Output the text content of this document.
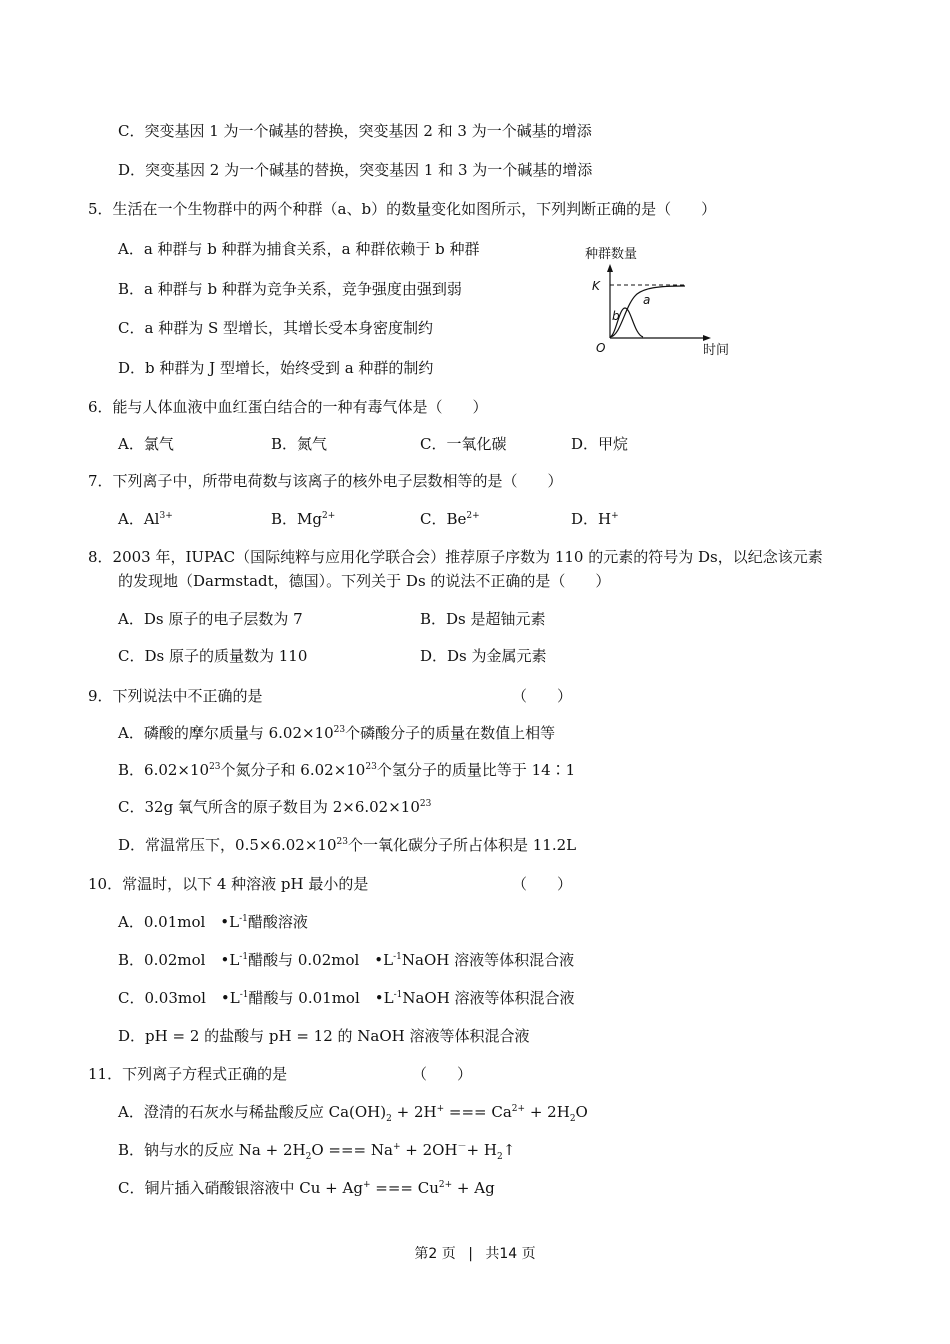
C．突变基因 1 为一个碱基的替换，突变基因 2 和 3 为一个碱基的增添
D．突变基因 2 为一个碱基的替换，突变基因 1 和 3 为一个碱基的增添
5．生活在一个生物群中的两个种群（a、b）的数量变化如图所示，下列判断正确的是（　　）
A．a 种群与 b 种群为捕食关系，a 种群依赖于 b 种群
B．a 种群与 b 种群为竞争关系，竞争强度由强到弱
C．a 种群为 S 型增长，其增长受本身密度制约
D．b 种群为 J 型增长，始终受到 a 种群的制约
种群数量
K
O	时间
a
b
6．能与人体血液中血红蛋白结合的一种有毒气体是（　　）
A．氯气	B．氮气	C．一氧化碳	D．甲烷
7．下列离子中，所带电荷数与该离子的核外电子层数相等的是（　　）
A．$Al^{3+}$	B．$Mg^{2+}$	C．$Be^{2+}$	D．H+
8．2003 年，IUPAC（国际纯粹与应用化学联合会）推荐原子序数为 110 的元素的符号为 Ds，以纪念该元素
的发现地（Darmstadt，德国）。下列关于 Ds 的说法不正确的是（　　）
A．Ds 原子的电子层数为 7	B．Ds 是超铀元素
C．Ds 原子的质量数为 110	D．Ds 为金属元素
9．下列说法中不正确的是	（　　）
A．磷酸的摩尔质量与 $6.02\times 10^{23}$个磷酸分子的质量在数值上相等
B．$6.02\times 10^{23}$个氮分子和 $6.02\times 10^{23}$个氢分子的质量比等于 14∶1
C．32g 氧气所含的原子数目为 $2\times 6.02\times 10^{23}$
D．常温常压下，$0.5\times 6.02\times 10^{23}$个一氧化碳分子所占体积是 11.2L
10．常温时，以下 4 种溶液 pH 最小的是	（　　）
A．0.01mol　$•L^{-1}$醋酸溶液
B．0.02mol　$•L^{-1}$醋酸与 0.02mol　$•L^{-1}NaOH$ 溶液等体积混合液
C．0.03mol　$•L^{-1}$醋酸与 0.01mol　$•L^{-1}NaOH$ 溶液等体积混合液
D．pH = 2 的盐酸与 pH = 12 的 NaOH 溶液等体积混合液
11．下列离子方程式正确的是	（　　）
A．澄清的石灰水与稀盐酸反应 $Ca(OH)_2 + 2H^+$ === $Ca^{2+} + 2H_2O$
B．钠与水的反应 $Na + 2H_2O$ === $Na^+ + 2OH^-+ H_2↑$
C．铜片插入硝酸银溶液中 Cu + Ag+ === $Cu^{2+} + Ag$
第2 页 | 共14 页
